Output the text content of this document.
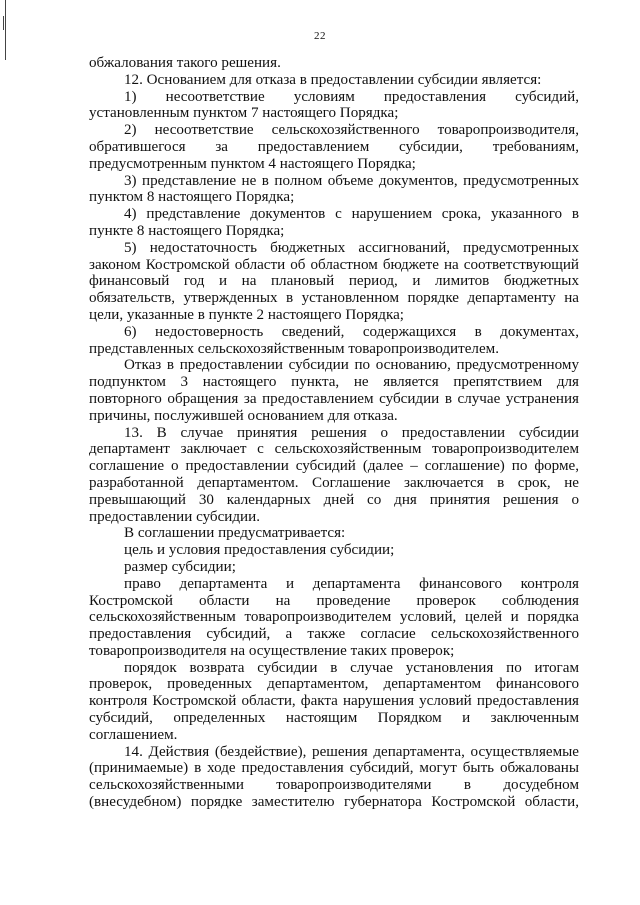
22

обжалования такого решения.

12. Основанием для отказа в предоставлении субсидии является:

1) несоответствие условиям предоставления субсидий, установленным пунктом 7 настоящего Порядка;

2) несоответствие сельскохозяйственного товаропроизводителя, обратившегося за предоставлением субсидии, требованиям, предусмотренным пунктом 4 настоящего Порядка;

3) представление не в полном объеме документов, предусмотренных пунктом 8 настоящего Порядка;

4) представление документов с нарушением срока, указанного в пункте 8 настоящего Порядка;

5) недостаточность бюджетных ассигнований, предусмотренных законом Костромской области об областном бюджете на соответствующий финансовый год и на плановый период, и лимитов бюджетных обязательств, утвержденных в установленном порядке департаменту на цели, указанные в пункте 2 настоящего Порядка;

6) недостоверность сведений, содержащихся в документах, представленных сельскохозяйственным товаропроизводителем.

Отказ в предоставлении субсидии по основанию, предусмотренному подпунктом 3 настоящего пункта, не является препятствием для повторного обращения за предоставлением субсидии в случае устранения причины, послужившей основанием для отказа.

13. В случае принятия решения о предоставлении субсидии департамент заключает с сельскохозяйственным товаропроизводителем соглашение о предоставлении субсидий (далее – соглашение) по форме, разработанной департаментом. Соглашение заключается в срок, не превышающий 30 календарных дней со дня принятия решения о предоставлении субсидии.

В соглашении предусматривается:

цель и условия предоставления субсидии;

размер субсидии;

право департамента и департамента финансового контроля Костромской области на проведение проверок соблюдения сельскохозяйственным товаропроизводителем условий, целей и порядка предоставления субсидий, а также согласие сельскохозяйственного товаропроизводителя на осуществление таких проверок;

порядок возврата субсидии в случае установления по итогам проверок, проведенных департаментом, департаментом финансового контроля Костромской области, факта нарушения условий предоставления субсидий, определенных настоящим Порядком и заключенным соглашением.

14. Действия (бездействие), решения департамента, осуществляемые (принимаемые) в ходе предоставления субсидий, могут быть обжалованы сельскохозяйственными товаропроизводителями в досудебном (внесудебном) порядке заместителю губернатора Костромской области,
